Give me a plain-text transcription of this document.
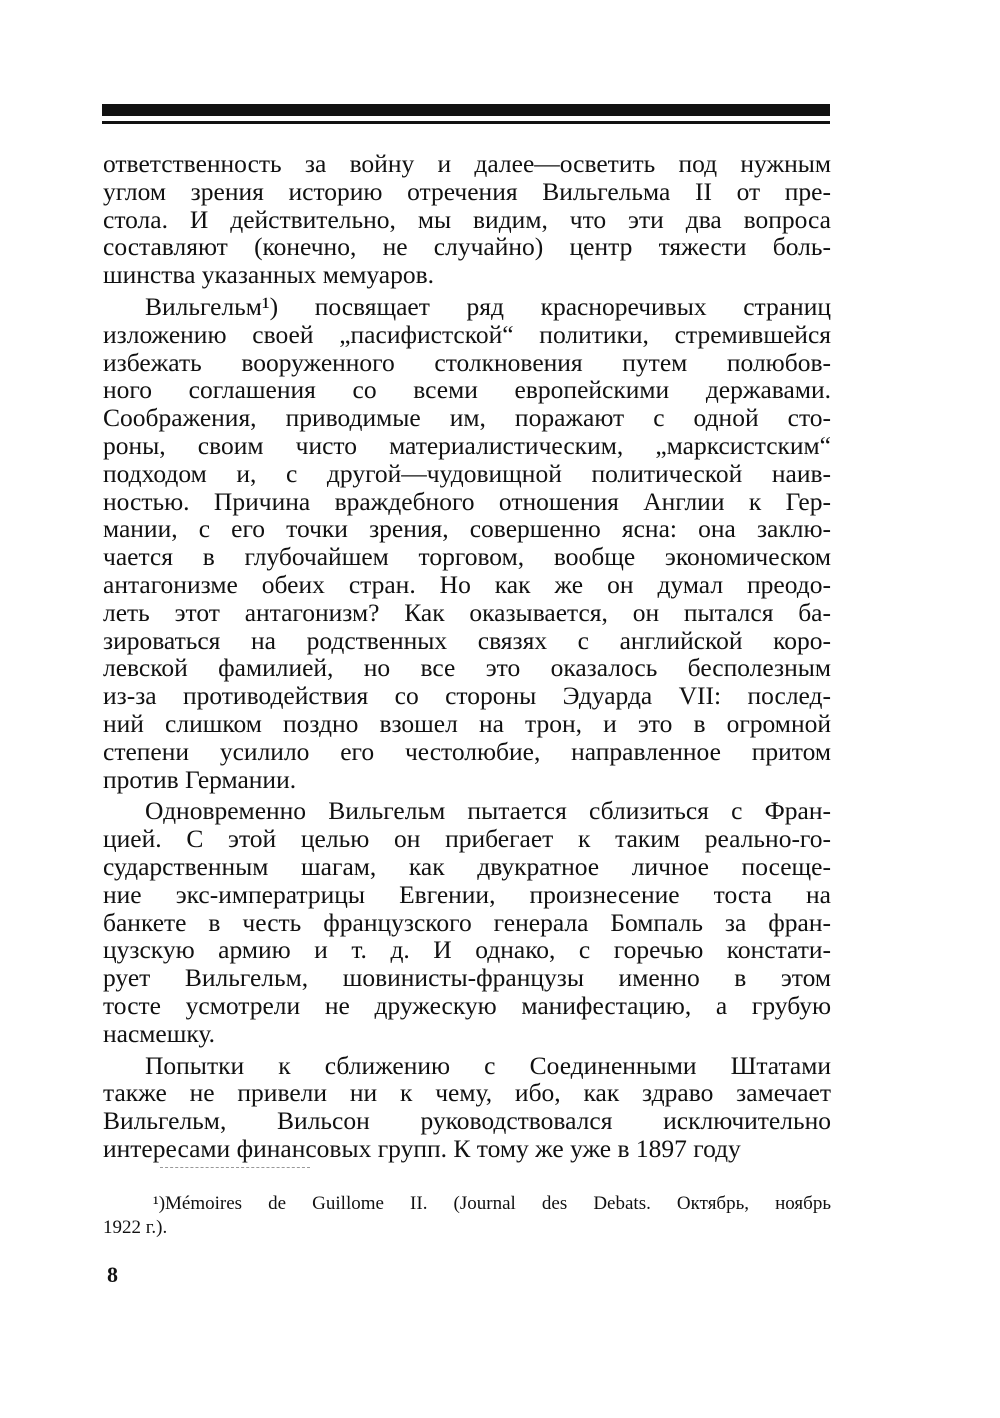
ответственность за войну и далее—осветить под нужным
углом зрения историю отречения Вильгельма II от пре-
стола. И действительно, мы видим, что эти два вопроса
составляют (конечно, не случайно) центр тяжести боль-
шинства указанных мемуаров.
Вильгельм¹) посвящает ряд красноречивых страниц
изложению своей „пасифистской“ политики, стремившейся
избежать вооруженного столкновения путем полюбов-
ного соглашения со всеми европейскими державами.
Соображения, приводимые им, поражают с одной сто-
роны, своим чисто материалистическим, „марксистским“
подходом и, с другой—чудовищной политической наив-
ностью. Причина враждебного отношения Англии к Гер-
мании, с его точки зрения, совершенно ясна: она заклю-
чается в глубочайшем торговом, вообще экономическом
антагонизме обеих стран. Но как же он думал преодо-
леть этот антагонизм? Как оказывается, он пытался ба-
зироваться на родственных связях с английской коро-
левской фамилией, но все это оказалось бесполезным
из-за противодействия со стороны Эдуарда VII: послед-
ний слишком поздно взошел на трон, и это в огромной
степени усилило его честолюбие, направленное притом
против Германии.
Одновременно Вильгельм пытается сблизиться с Фран-
цией. С этой целью он прибегает к таким реально-го-
сударственным шагам, как двукратное личное посеще-
ние экс-императрицы Евгении, произнесение тоста на
банкете в честь французского генерала Бомпаль за фран-
цузскую армию и т. д. И однако, с горечью констати-
рует Вильгельм, шовинисты-французы именно в этом
тосте усмотрели не дружескую манифестацию, а грубую
насмешку.
Попытки к сближению с Соединенными Штатами
также не привели ни к чему, ибо, как здраво замечает
Вильгельм, Вильсон руководствовался исключительно
интересами финансовых групп. К тому же уже в 1897 году
¹)Mémoires de Guillome II. (Journal des Debats. Октябрь, ноябрь
1922 г.).
8
